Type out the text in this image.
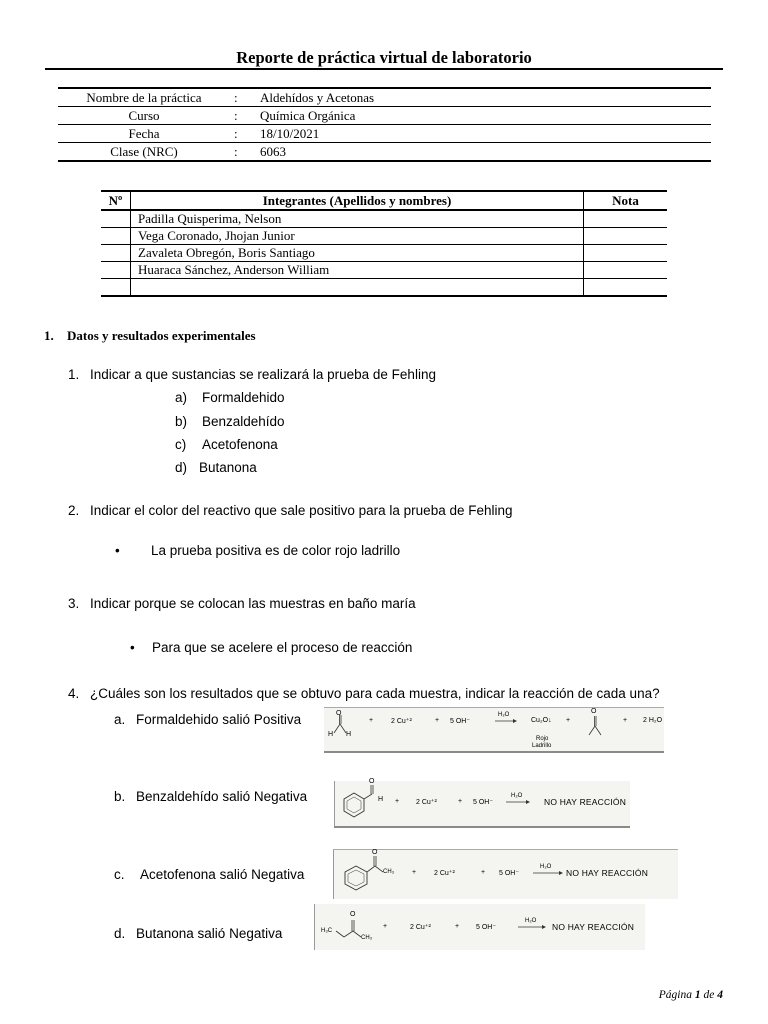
Reporte de práctica virtual de laboratorio
Nombre de la práctica	:	Aldehídos y Acetonas
Curso	:	Química Orgánica
Fecha	:	18/10/2021
Clase (NRC)	:	6063
Nº	Integrantes (Apellidos y nombres)	Nota
	Padilla Quisperima, Nelson	
	Vega Coronado, Jhojan Junior	
	Zavaleta Obregón, Boris Santiago	
	Huaraca Sánchez, Anderson William	

1. Datos y resultados experimentales
1. Indicar a que sustancias se realizará la prueba de Fehling
a) Formaldehido
b) Benzaldehído
c) Acetofenona
d) Butanona
2. Indicar el color del reactivo que sale positivo para la prueba de Fehling
• La prueba positiva es de color rojo ladrillo
3. Indicar porque se colocan las muestras en baño maría
• Para que se acelere el proceso de reacción
4. ¿Cuáles son los resultados que se obtuvo para cada muestra, indicar la reacción de cada una?
a. Formaldehido salió Positiva
b. Benzaldehído salió Negativa
c. Acetofenona salió Negativa
d. Butanona salió Negativa
O
H H
+	2 Cu⁺²	+ 5 OH⁻
H₂O
Cu₂O↓
Rojo
Ladrillo
+
O
+ 2 H₂O
O
H + 2 Cu⁺²	+ 5 OH⁻
H₂O
NO HAY REACCIÓN
O
CH₃	+	2 Cu⁺²	+ 5 OH⁻
H₂O
NO HAY REACCIÓN
O
H₃C
CH₃
+	2 Cu⁺²	+ 5 OH⁻
H₂O
NO HAY REACCIÓN
Página 1 de 4
